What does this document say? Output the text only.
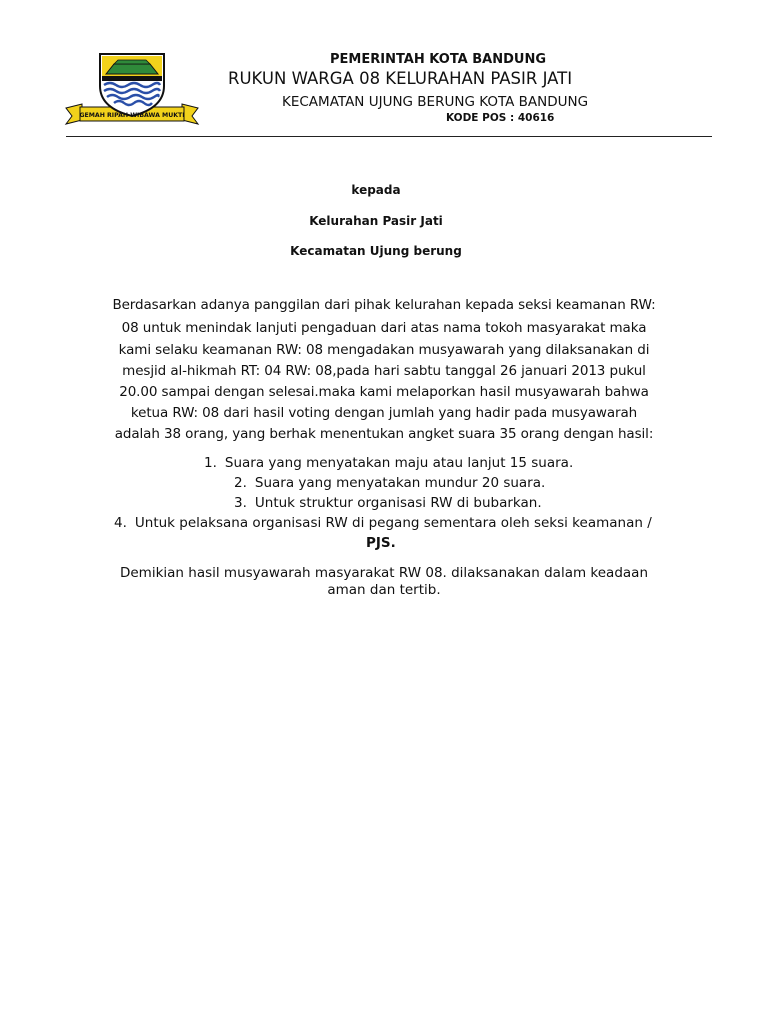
GEMAH RIPAH WIBAWA MUKTI
PEMERINTAH KOTA BANDUNG
RUKUN WARGA 08 KELURAHAN PASIR JATI
KECAMATAN UJUNG BERUNG KOTA BANDUNG
KODE POS : 40616
kepada
Kelurahan Pasir Jati
Kecamatan Ujung berung
Berdasarkan adanya panggilan dari pihak kelurahan kepada seksi keamanan RW:
08 untuk menindak lanjuti pengaduan dari atas nama tokoh masyarakat maka
kami selaku keamanan RW: 08 mengadakan musyawarah yang dilaksanakan di
mesjid al-hikmah RT: 04 RW: 08,pada hari sabtu tanggal 26 januari 2013 pukul
20.00 sampai dengan selesai.maka kami melaporkan hasil musyawarah bahwa
ketua RW: 08 dari hasil voting dengan jumlah yang hadir pada musyawarah
adalah 38 orang, yang berhak menentukan angket suara 35 orang dengan hasil:
1. Suara yang menyatakan maju atau lanjut 15 suara.
2. Suara yang menyatakan mundur 20 suara.
3. Untuk struktur organisasi RW di bubarkan.
4. Untuk pelaksana organisasi RW di pegang sementara oleh seksi keamanan /
PJS.
Demikian hasil musyawarah masyarakat RW 08. dilaksanakan dalam keadaan
aman dan tertib.
